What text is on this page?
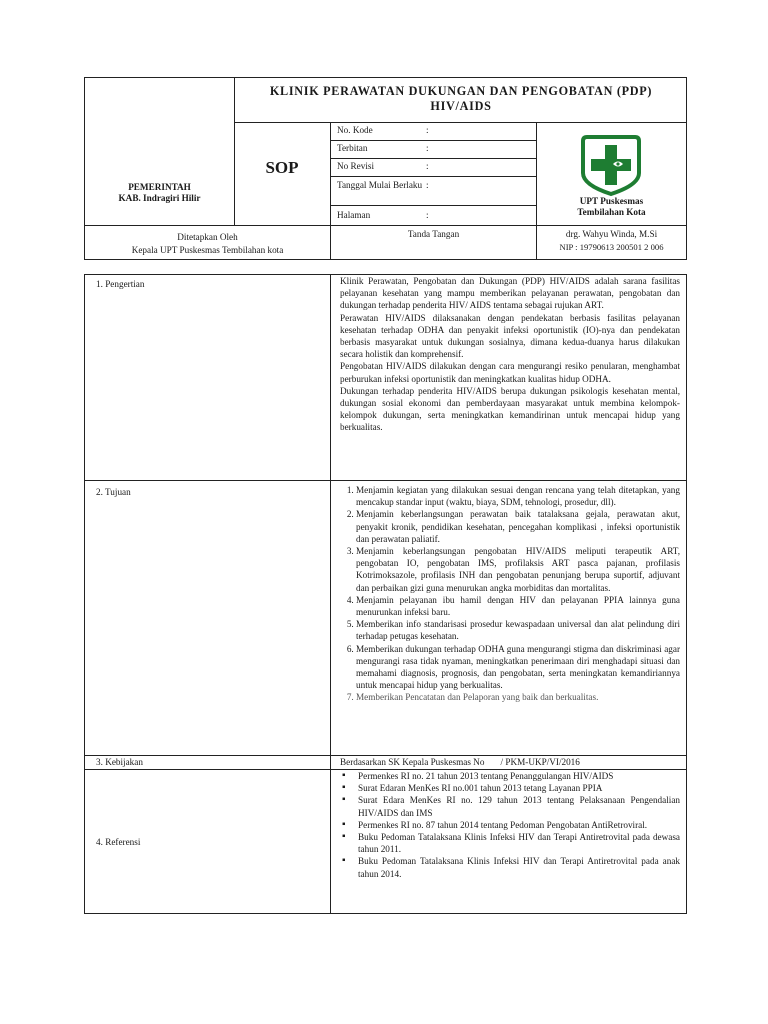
KLINIK PERAWATAN DUKUNGAN DAN PENGOBATAN (PDP)
HIV/AIDS
SOP
PEMERINTAH
KAB. Indragiri Hilir
No. Kode	:
Terbitan	:
No Revisi	:
Tanggal Mulai Berlaku :
Halaman	:
UPT Puskesmas
Tembilahan Kota
Ditetapkan Oleh
Kepala UPT Puskesmas Tembilahan kota
Tanda Tangan	drg. Wahyu Winda, M.Si
NIP : 19790613 200501 2 006
1. Pengertian	Klinik Perawatan, Pengobatan dan Dukungan (PDP) HIV/AIDS adalah sarana fasilitas pelayanan kesehatan yang mampu memberikan pelayanan perawatan, pengobatan dan dukungan terhadap penderita HIV/ AIDS tentama sebagai rujukan ART.

Perawatan HIV/AIDS dilaksanakan dengan pendekatan berbasis fasilitas pelayanan kesehatan terhadap ODHA dan penyakit infeksi oportunistik (IO)-nya dan pendekatan berbasis masyarakat untuk dukungan sosialnya, dimana kedua-duanya harus dilakukan secara holistik dan komprehensif.

Pengobatan HIV/AIDS dilakukan dengan cara mengurangi resiko penularan, menghambat perburukan infeksi oportunistik dan meningkatkan kualitas hidup ODHA.

Dukungan terhadap penderita HIV/AIDS berupa dukungan psikologis kesehatan mental, dukungan sosial ekonomi dan pemberdayaan masyarakat untuk membina kelompok-kelompok dukungan, serta meningkatkan kemandirinan untuk mencapai hidup yang berkualitas.

2. Tujuan
1.	Menjamin kegiatan yang dilakukan sesuai dengan rencana yang telah ditetapkan, yang mencakup standar input (waktu, biaya, SDM, tehnologi, prosedur, dll).
2. Menjamin keberlangsungan perawatan baik tatalaksana gejala, perawatan akut, penyakit kronik, pendidikan kesehatan, pencegahan komplikasi , infeksi oportunistik dan perawatan paliatif.
3. Menjamin keberlangsungan pengobatan HIV/AIDS meliputi terapeutik ART, pengobatan IO, pengobatan IMS, profilaksis ART pasca pajanan, profilasis Kotrimoksazole, profilasis INH dan pengobatan penunjang berupa suportif, adjuvant dan perbaikan gizi guna menurukan angka morbiditas dan mortalitas.
4. Menjamin pelayanan ibu hamil dengan HIV dan pelayanan PPIA lainnya guna menurunkan infeksi baru.
5. Memberikan info standarisasi prosedur kewaspadaan universal dan alat pelindung diri terhadap petugas kesehatan.
6. Memberikan dukungan terhadap ODHA guna mengurangi stigma dan diskriminasi agar mengurangi rasa tidak nyaman, meningkatkan penerimaan diri menghadapi situasi dan memahami diagnosis, prognosis, dan pengobatan, serta meningkatan kemandiriannya untuk mencapai hidup yang berkualitas.
7. Memberikan Pencatatan dan Pelaporan yang baik dan berkualitas.
3. Kebijakan	Berdasarkan SK Kepala Puskesmas No       / PKM-UKP/VI/2016
4. Referensi
▪ Permenkes RI no. 21 tahun 2013 tentang Penanggulangan HIV/AIDS
▪ Surat Edaran MenKes RI no.001 tahun 2013 tetang Layanan PPIA
▪ Surat Edara MenKes RI no. 129 tahun 2013 tentang Pelaksanaan Pengendalian HIV/AIDS dan IMS
▪ Permenkes RI no. 87 tahun 2014 tentang Pedoman Pengobatan AntiRetroviral.
▪ Buku Pedoman Tatalaksana Klinis Infeksi HIV dan Terapi Antiretrovital pada dewasa tahun 2011.
▪ Buku Pedoman Tatalaksana Klinis Infeksi HIV dan Terapi Antiretrovital pada anak tahun 2014.
